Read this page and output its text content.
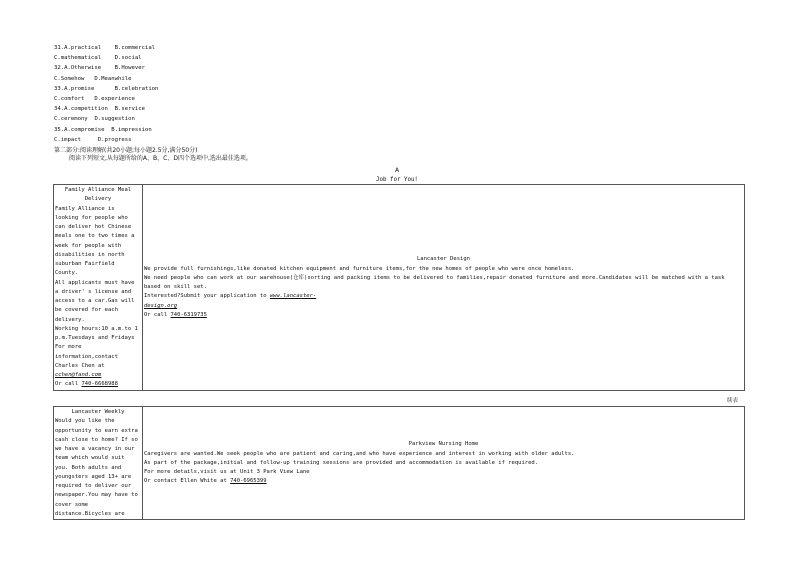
31.A.practical B.commercial
C.mathematical D.social
32.A.Otherwise B.However
C.Somehow D.Meanwhile
33.A.promise	B.celebration
C.comfort D.experience
34.A.competition B.service
C.ceremony D.suggestion
35.A.compromise B.impression
C.impact	D.progress
第二部分:阅读理解(共20小题;每小题2.5分,满分50分)
阅读下列短文,从每题所给的A、B、C、D四个选项中,选出最佳选项。
A
Job for You!

Family Alliance Meal Delivery

Family Alliance is looking for people who can deliver hot Chinese meals one to two times a week for people with disabilities in north suburban Fairfield County.

All applicants must have a driver' s license and access to a car.Gas will be covered for each delivery.

Working hours:10 a.m.to 1 p.m.Tuesdays and Fridays

For more information,contact Charles Chen at

cchen@fand.com

Or call 740-6668988

Lancaster Design

We provide full furnishings,like donated kitchen equipment and furniture items,for the new homes of people who were once homeless.

We need people who can work at our warehouse(仓库)sorting and packing items to be delivered to families,repair donated furniture and more.Candidates will be matched with a task based on skill set.

Interested?Submit your application to www.lancaster-

design.org

Or call 740-6319735

续表

Lancaster Weekly

Would you like the opportunity to earn extra cash close to home? If so we have a vacancy in our team which would suit you. Both adults and youngsters aged 13+ are required to deliver our newspaper.You may have to cover some distance.Bicycles are

Parkview Nursing Home

Caregivers are wanted.We seek people who are patient and caring,and who have experience and interest in working with older adults.

As part of the package,initial and follow-up training sessions are provided and accommodation is available if required.

For more details,visit us at Unit 3 Park View Lane

Or contact Ellen White at 740-6965399
